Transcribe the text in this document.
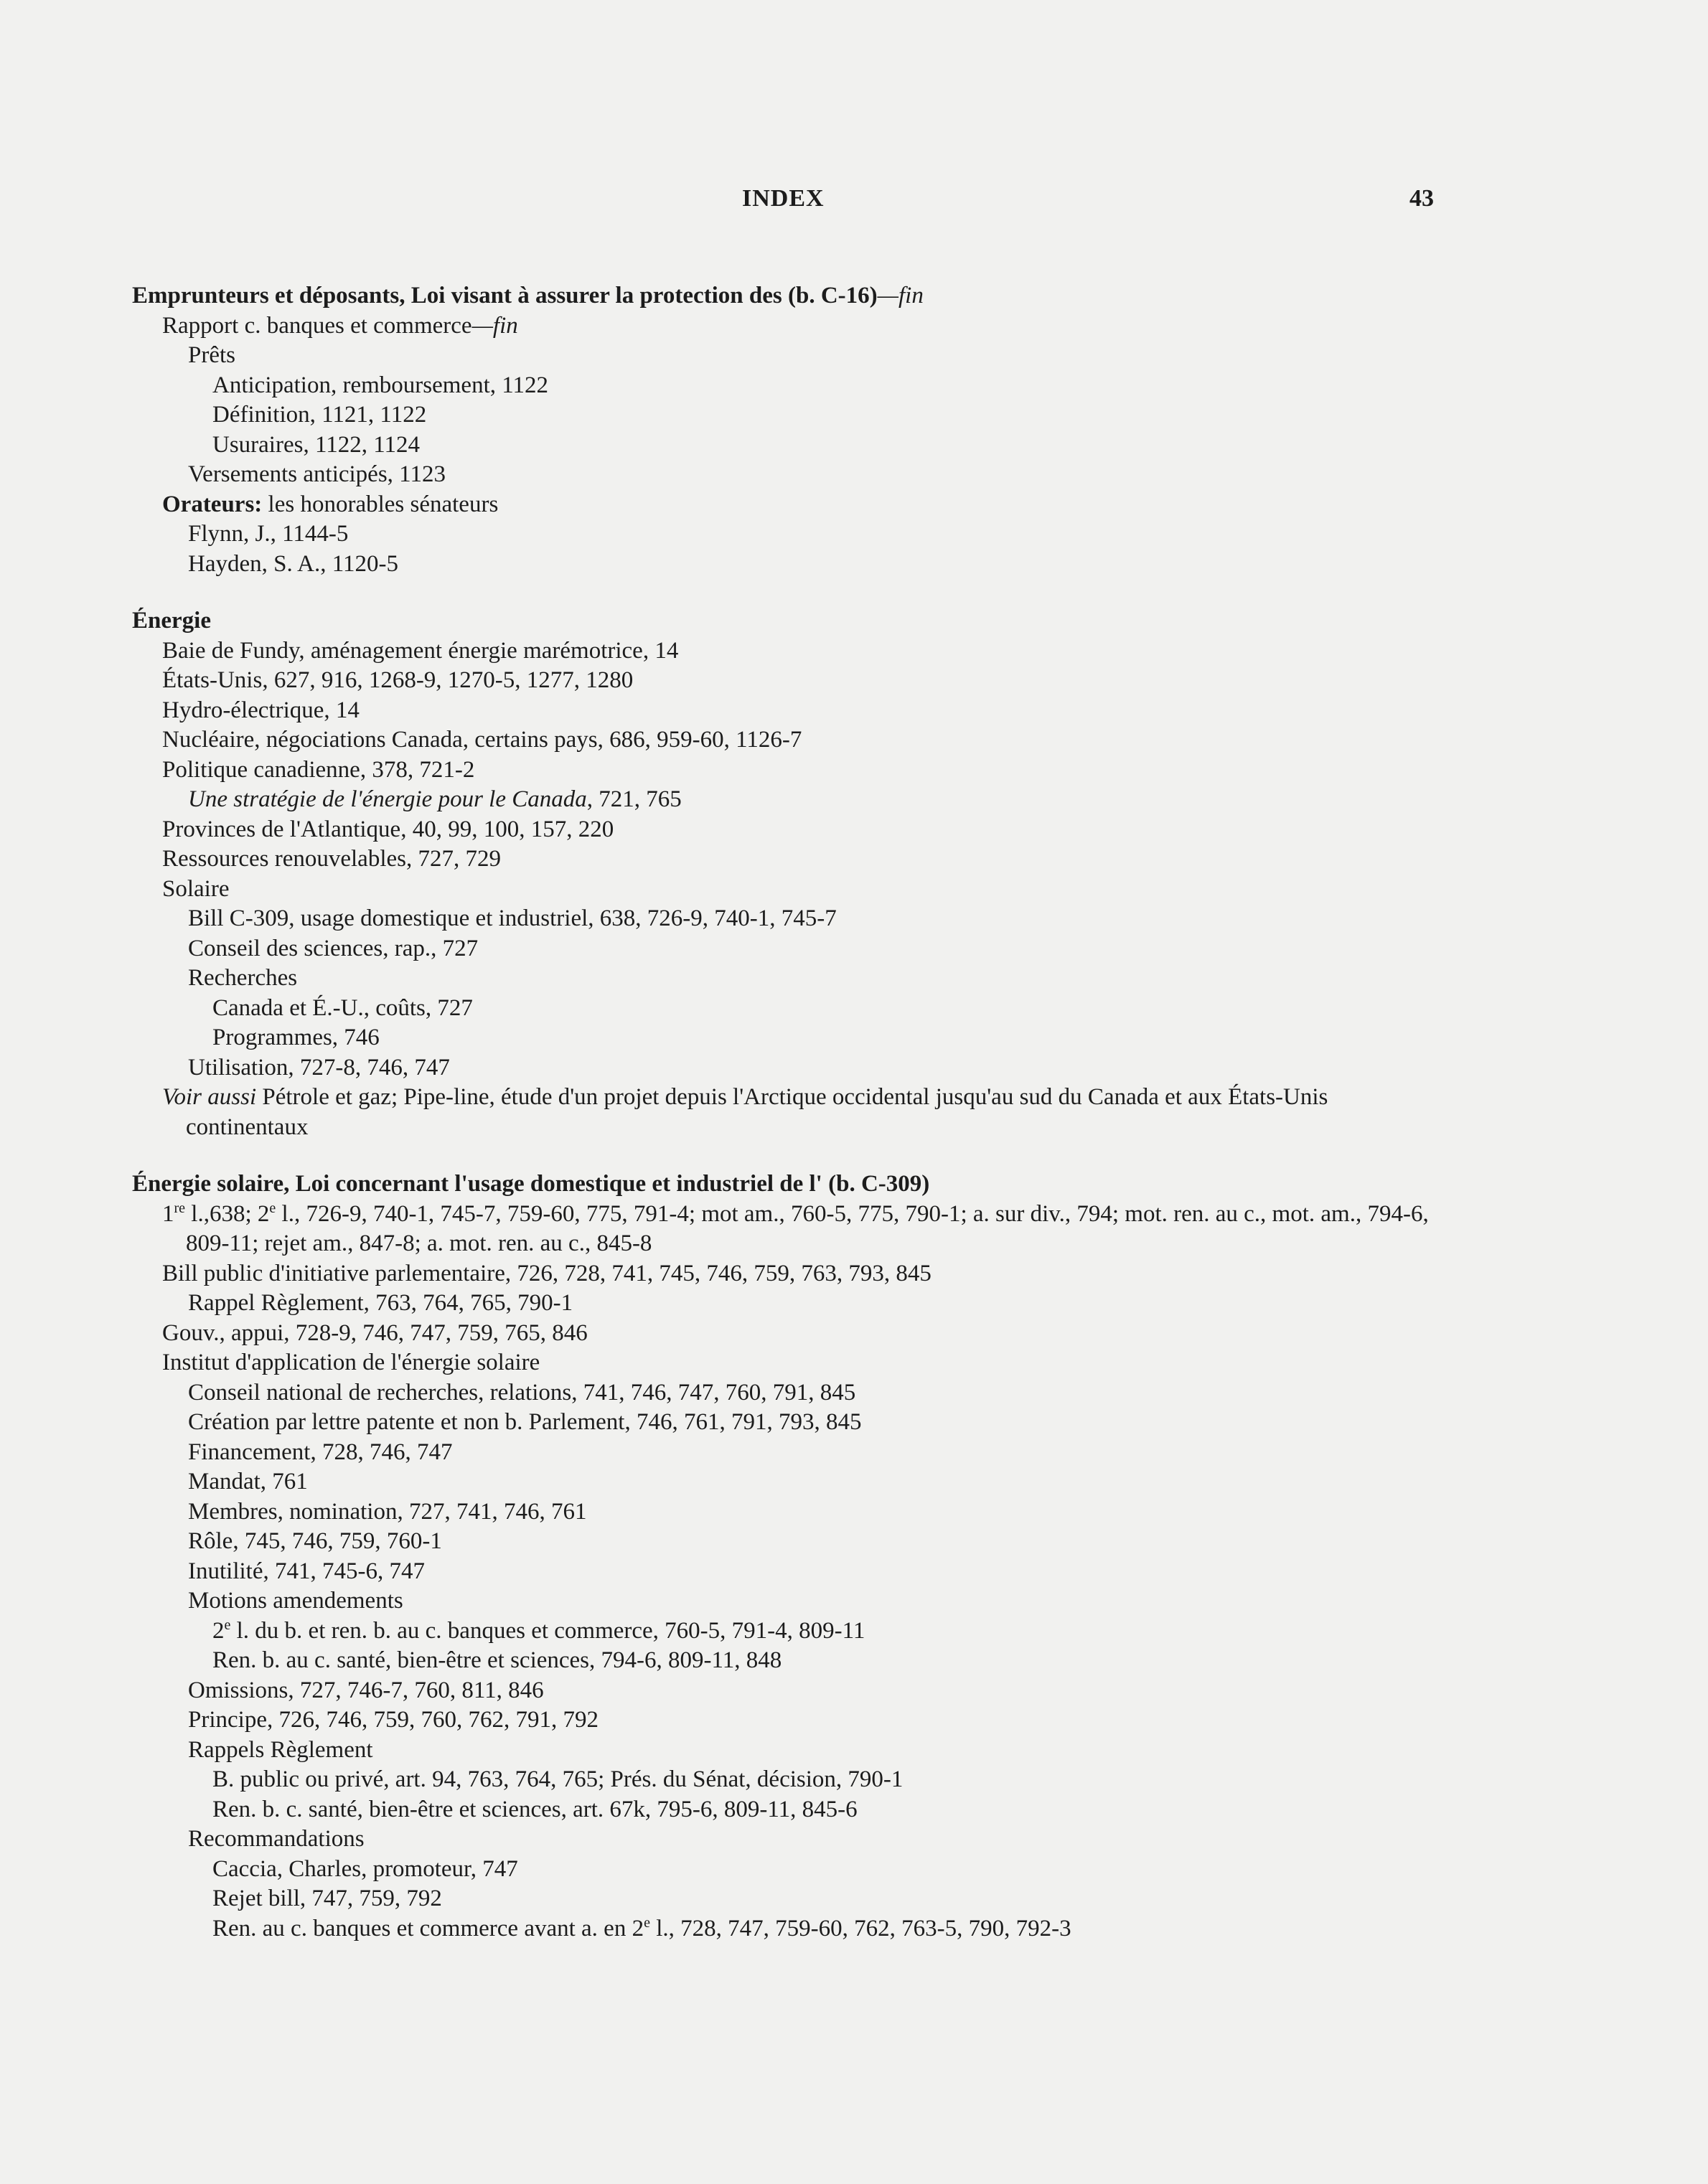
INDEX	43
Emprunteurs et déposants, Loi visant à assurer la protection des (b. C-16)—fin
Rapport c. banques et commerce—fin
Prêts
Anticipation, remboursement, 1122
Définition, 1121, 1122
Usuraires, 1122, 1124
Versements anticipés, 1123
Orateurs: les honorables sénateurs
Flynn, J., 1144-5
Hayden, S. A., 1120-5
Énergie
Baie de Fundy, aménagement énergie marémotrice, 14
États-Unis, 627, 916, 1268-9, 1270-5, 1277, 1280
Hydro-électrique, 14
Nucléaire, négociations Canada, certains pays, 686, 959-60, 1126-7
Politique canadienne, 378, 721-2
Une stratégie de l'énergie pour le Canada, 721, 765
Provinces de l'Atlantique, 40, 99, 100, 157, 220
Ressources renouvelables, 727, 729
Solaire
Bill C-309, usage domestique et industriel, 638, 726-9, 740-1, 745-7
Conseil des sciences, rap., 727
Recherches
Canada et É.-U., coûts, 727
Programmes, 746
Utilisation, 727-8, 746, 747
Voir aussi Pétrole et gaz; Pipe-line, étude d'un projet depuis l'Arctique occidental jusqu'au sud du Canada et aux États-Unis continentaux
Énergie solaire, Loi concernant l'usage domestique et industriel de l' (b. C-309)
1re l.,638; 2e l., 726-9, 740-1, 745-7, 759-60, 775, 791-4; mot am., 760-5, 775, 790-1; a. sur div., 794; mot. ren. au c., mot. am., 794-6, 809-11; rejet am., 847-8; a. mot. ren. au c., 845-8
Bill public d'initiative parlementaire, 726, 728, 741, 745, 746, 759, 763, 793, 845
Rappel Règlement, 763, 764, 765, 790-1
Gouv., appui, 728-9, 746, 747, 759, 765, 846
Institut d'application de l'énergie solaire
Conseil national de recherches, relations, 741, 746, 747, 760, 791, 845
Création par lettre patente et non b. Parlement, 746, 761, 791, 793, 845
Financement, 728, 746, 747
Mandat, 761
Membres, nomination, 727, 741, 746, 761
Rôle, 745, 746, 759, 760-1
Inutilité, 741, 745-6, 747
Motions amendements
2e l. du b. et ren. b. au c. banques et commerce, 760-5, 791-4, 809-11
Ren. b. au c. santé, bien-être et sciences, 794-6, 809-11, 848
Omissions, 727, 746-7, 760, 811, 846
Principe, 726, 746, 759, 760, 762, 791, 792
Rappels Règlement
B. public ou privé, art. 94, 763, 764, 765; Prés. du Sénat, décision, 790-1
Ren. b. c. santé, bien-être et sciences, art. 67k, 795-6, 809-11, 845-6
Recommandations
Caccia, Charles, promoteur, 747
Rejet bill, 747, 759, 792
Ren. au c. banques et commerce avant a. en 2e l., 728, 747, 759-60, 762, 763-5, 790, 792-3
